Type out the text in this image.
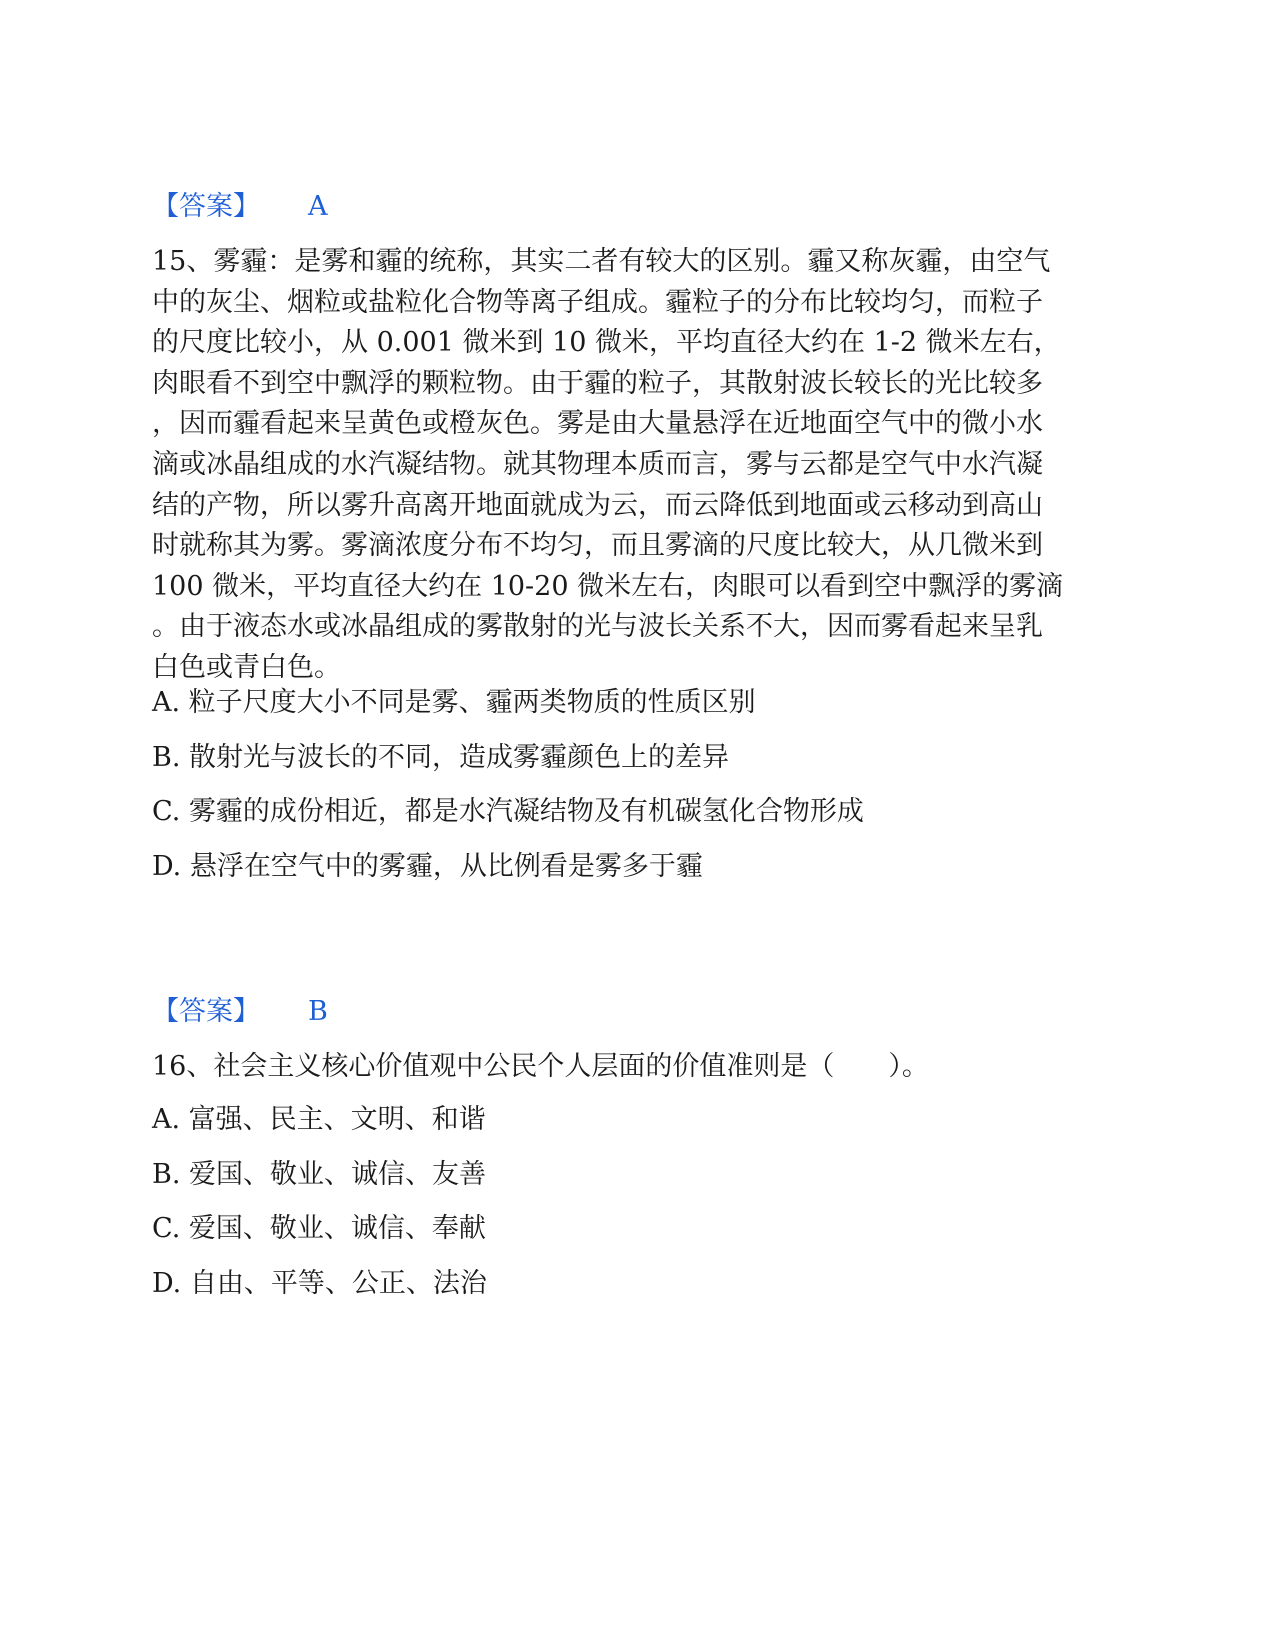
【答案】 A
15、雾霾：是雾和霾的统称，其实二者有较大的区别。霾又称灰霾，由空气
中的灰尘、烟粒或盐粒化合物等离子组成。霾粒子的分布比较均匀，而粒子
的尺度比较小，从 0.001 微米到 10 微米，平均直径大约在 1-2 微米左右，
肉眼看不到空中飘浮的颗粒物。由于霾的粒子，其散射波长较长的光比较多
，因而霾看起来呈黄色或橙灰色。雾是由大量悬浮在近地面空气中的微小水
滴或冰晶组成的水汽凝结物。就其物理本质而言，雾与云都是空气中水汽凝
结的产物，所以雾升高离开地面就成为云，而云降低到地面或云移动到高山
时就称其为雾。雾滴浓度分布不均匀，而且雾滴的尺度比较大，从几微米到
100 微米，平均直径大约在 10-20 微米左右，肉眼可以看到空中飘浮的雾滴
。由于液态水或冰晶组成的雾散射的光与波长关系不大，因而雾看起来呈乳
白色或青白色。
A. 粒子尺度大小不同是雾、霾两类物质的性质区别
B. 散射光与波长的不同，造成雾霾颜色上的差异
C. 雾霾的成份相近，都是水汽凝结物及有机碳氢化合物形成
D. 悬浮在空气中的雾霾，从比例看是雾多于霾
【答案】 B
16、社会主义核心价值观中公民个人层面的价值准则是（　　）。
A. 富强、民主、文明、和谐
B. 爱国、敬业、诚信、友善
C. 爱国、敬业、诚信、奉献
D. 自由、平等、公正、法治
